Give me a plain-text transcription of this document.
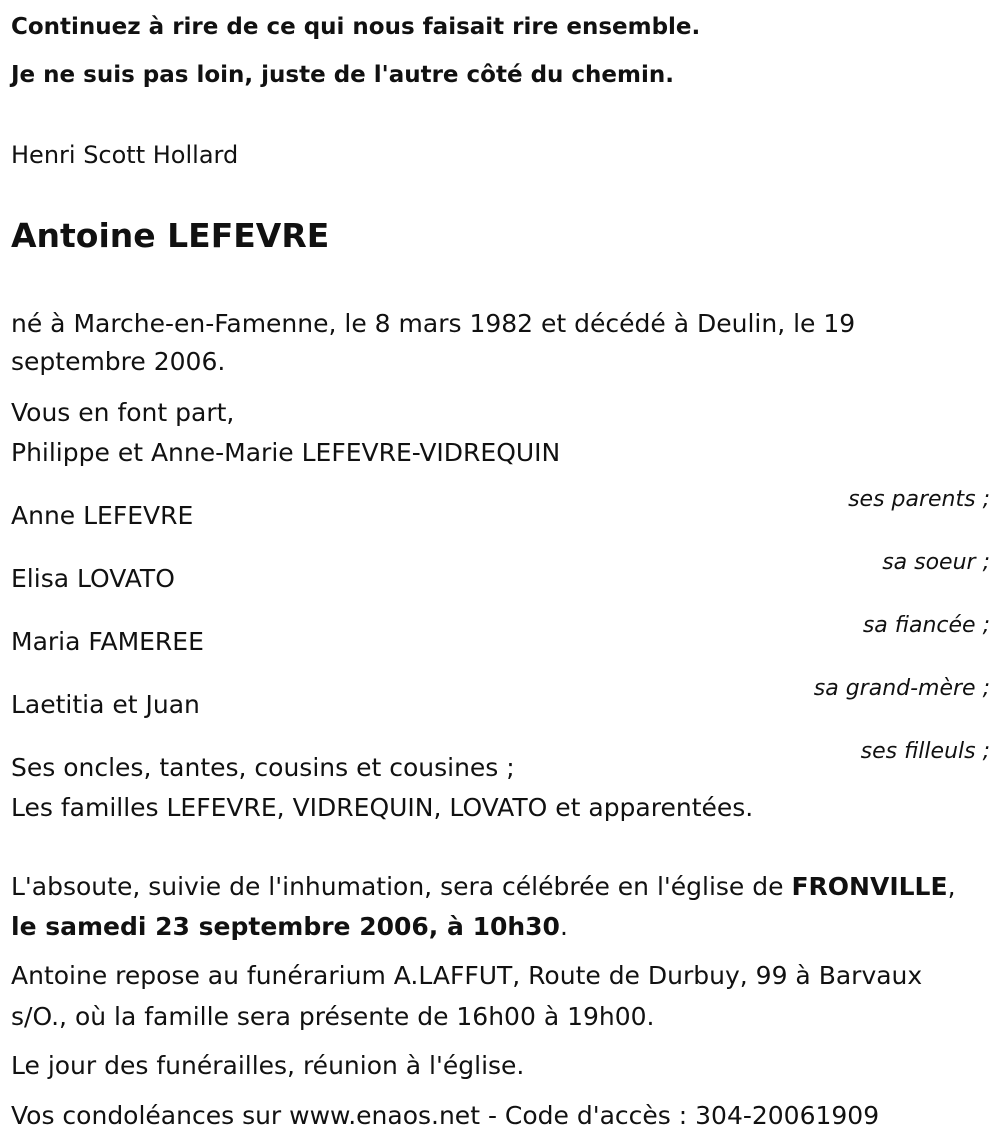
Continuez à rire de ce qui nous faisait rire ensemble.

Je ne suis pas loin, juste de l'autre côté du chemin.

Henri Scott Hollard

Antoine LEFEVRE

né à Marche-en-Famenne, le 8 mars 1982 et décédé à Deulin, le 19

septembre 2006.

Vous en font part,

Philippe et Anne-Marie LEFEVRE-VIDREQUIN

ses parents ;

Anne LEFEVRE

sa soeur ;

Elisa LOVATO

sa fiancée ;

Maria FAMEREE

sa grand-mère ;

Laetitia et Juan

ses filleuls ;

Ses oncles, tantes, cousins et cousines ;

Les familles LEFEVRE, VIDREQUIN, LOVATO et apparentées.

L'absoute, suivie de l'inhumation, sera célébrée en l'église de FRONVILLE,

le samedi 23 septembre 2006, à 10h30.

Antoine repose au funérarium A.LAFFUT, Route de Durbuy, 99 à Barvaux

s/O., où la famille sera présente de 16h00 à 19h00.

Le jour des funérailles, réunion à l'église.

Vos condoléances sur www.enaos.net - Code d'accès : 304-20061909
